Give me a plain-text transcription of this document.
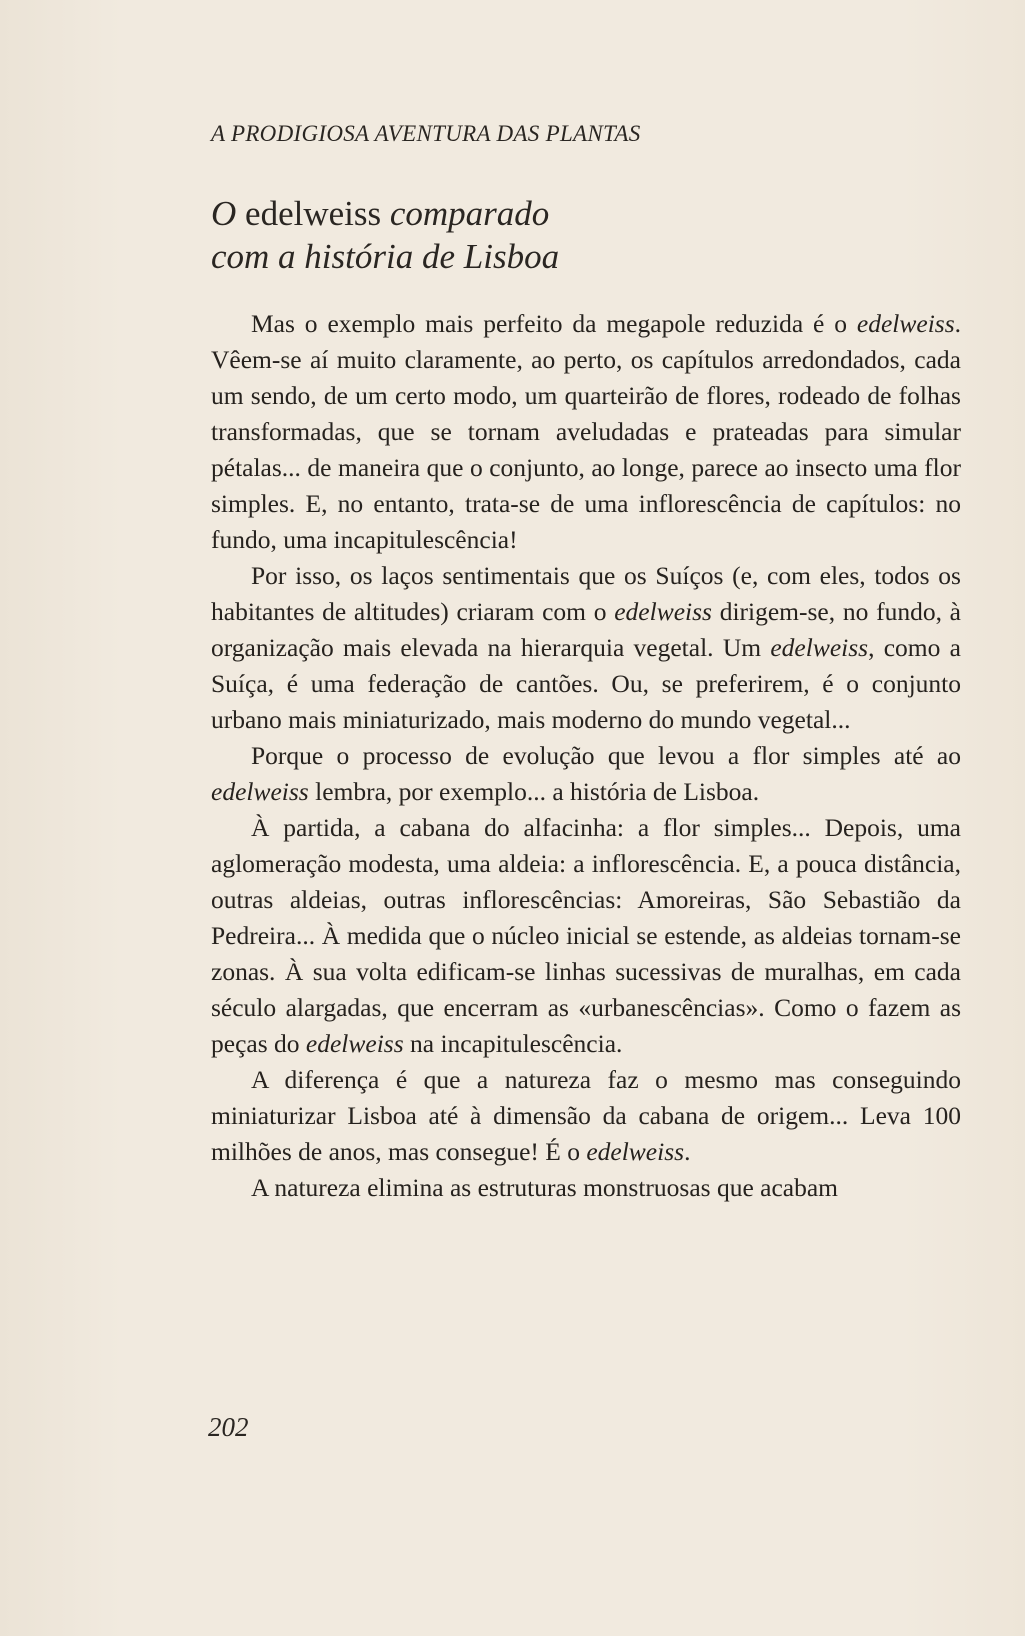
A PRODIGIOSA AVENTURA DAS PLANTAS
O edelweiss comparado
com a história de Lisboa

Mas o exemplo mais perfeito da megapole reduzida é o edelweiss. Vêem-se aí muito claramente, ao perto, os capítulos arredondados, cada um sendo, de um certo modo, um quarteirão de flores, rodeado de folhas transformadas, que se tornam aveludadas e prateadas para simular pétalas... de maneira que o conjunto, ao longe, parece ao insecto uma flor simples. E, no entanto, trata-se de uma inflorescência de capítulos: no fundo, uma incapitulescência!

Por isso, os laços sentimentais que os Suíços (e, com eles, todos os habitantes de altitudes) criaram com o edelweiss dirigem-se, no fundo, à organização mais elevada na hierarquia vegetal. Um edelweiss, como a Suíça, é uma federação de cantões. Ou, se preferirem, é o conjunto urbano mais miniaturizado, mais moderno do mundo vegetal...

Porque o processo de evolução que levou a flor simples até ao edelweiss lembra, por exemplo... a história de Lisboa.

À partida, a cabana do alfacinha: a flor simples... Depois, uma aglomeração modesta, uma aldeia: a inflorescência. E, a pouca distância, outras aldeias, outras inflorescências: Amoreiras, São Sebastião da Pedreira... À medida que o núcleo inicial se estende, as aldeias tornam-se zonas. À sua volta edificam-se linhas sucessivas de muralhas, em cada século alargadas, que encerram as «urbanescências». Como o fazem as peças do edelweiss na incapitulescência.

A diferença é que a natureza faz o mesmo mas conseguindo miniaturizar Lisboa até à dimensão da cabana de origem... Leva 100 milhões de anos, mas consegue! É o edelweiss.

A natureza elimina as estruturas monstruosas que acabam

202
